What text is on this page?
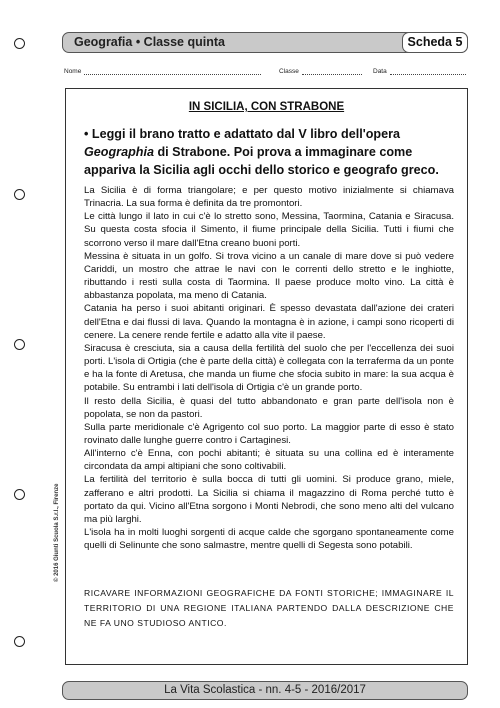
Geografia • Classe quinta	Scheda 5
Nome	Classe	Data
IN SICILIA, CON STRABONE
• Leggi il brano tratto e adattato dal V libro dell'opera Geographia di Strabone. Poi prova a immaginare come appariva la Sicilia agli occhi dello storico e geografo greco.

La Sicilia è di forma triangolare; e per questo motivo inizialmente si chiamava Trinacria. La sua forma è definita da tre promontori.

Le città lungo il lato in cui c'è lo stretto sono, Messina, Taormina, Catania e Siracusa. Su questa costa sfocia il Simento, il fiume principale della Sicilia. Tutti i fiumi che scorrono verso il mare dall'Etna creano buoni porti.

Messina è situata in un golfo. Si trova vicino a un canale di mare dove si può vedere Cariddi, un mostro che attrae le navi con le correnti dello stretto e le inghiotte, ributtando i resti sulla costa di Taormina. Il paese produce molto vino. La città è abbastanza popolata, ma meno di Catania.

Catania ha perso i suoi abitanti originari. È spesso devastata dall'azione dei crateri dell'Etna e dai flussi di lava. Quando la montagna è in azione, i campi sono ricoperti di cenere. La cenere rende fertile e adatto alla vite il paese.

Siracusa è cresciuta, sia a causa della fertilità del suolo che per l'eccellenza dei suoi porti. L'isola di Ortigia (che è parte della città) è collegata con la terraferma da un ponte e ha la fonte di Aretusa, che manda un fiume che sfocia subito in mare: la sua acqua è potabile. Su entrambi i lati dell'isola di Ortigia c'è un grande porto.

Il resto della Sicilia, è quasi del tutto abbandonato e gran parte dell'isola non è popolata, se non da pastori.

Sulla parte meridionale c'è Agrigento col suo porto. La maggior parte di esso è stato rovinato dalle lunghe guerre contro i Cartaginesi.

All'interno c'è Enna, con pochi abitanti; è situata su una collina ed è interamente circondata da ampi altipiani che sono coltivabili.

La fertilità del territorio è sulla bocca di tutti gli uomini. Si produce grano, miele, zafferano e altri prodotti. La Sicilia si chiama il magazzino di Roma perché tutto è portato da qui. Vicino all'Etna sorgono i Monti Nebrodi, che sono meno alti del vulcano ma più larghi.

L'isola ha in molti luoghi sorgenti di acque calde che sgorgano spontaneamente come quelli di Selinunte che sono salmastre, mentre quelli di Segesta sono potabili.

RICAVARE INFORMAZIONI GEOGRAFICHE DA FONTI STORICHE; IMMAGINARE IL TERRITORIO DI UNA REGIONE ITALIANA PARTENDO DALLA DESCRIZIONE CHE NE FA UNO STUDIOSO ANTICO.
© 2016 Giunti Scuola S.r.l., Firenze
La Vita Scolastica - nn. 4-5 - 2016/2017
